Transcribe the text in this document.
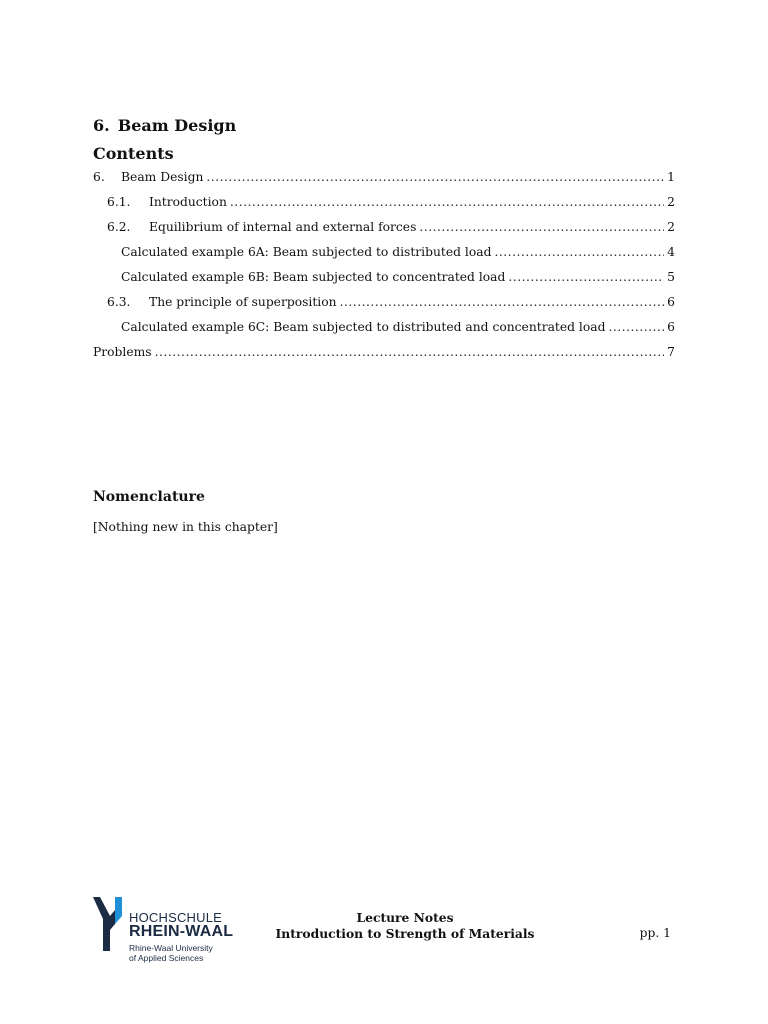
6. Beam Design
Contents
6.	Beam Design .....	1
6.1.	Introduction .....	2
6.2.	Equilibrium of internal and external forces .....	2
Calculated example 6A: Beam subjected to distributed load .....	4
Calculated example 6B: Beam subjected to concentrated load .....	5
6.3.	The principle of superposition .....	6
Calculated example 6C: Beam subjected to distributed and concentrated load .....	6
Problems .....	7
Nomenclature

[Nothing new in this chapter]

HOCHSCHULE
RHEIN-WAAL
Rhine-Waal University
of Applied Sciences
Lecture Notes
Introduction to Strength of Materials	pp. 1
